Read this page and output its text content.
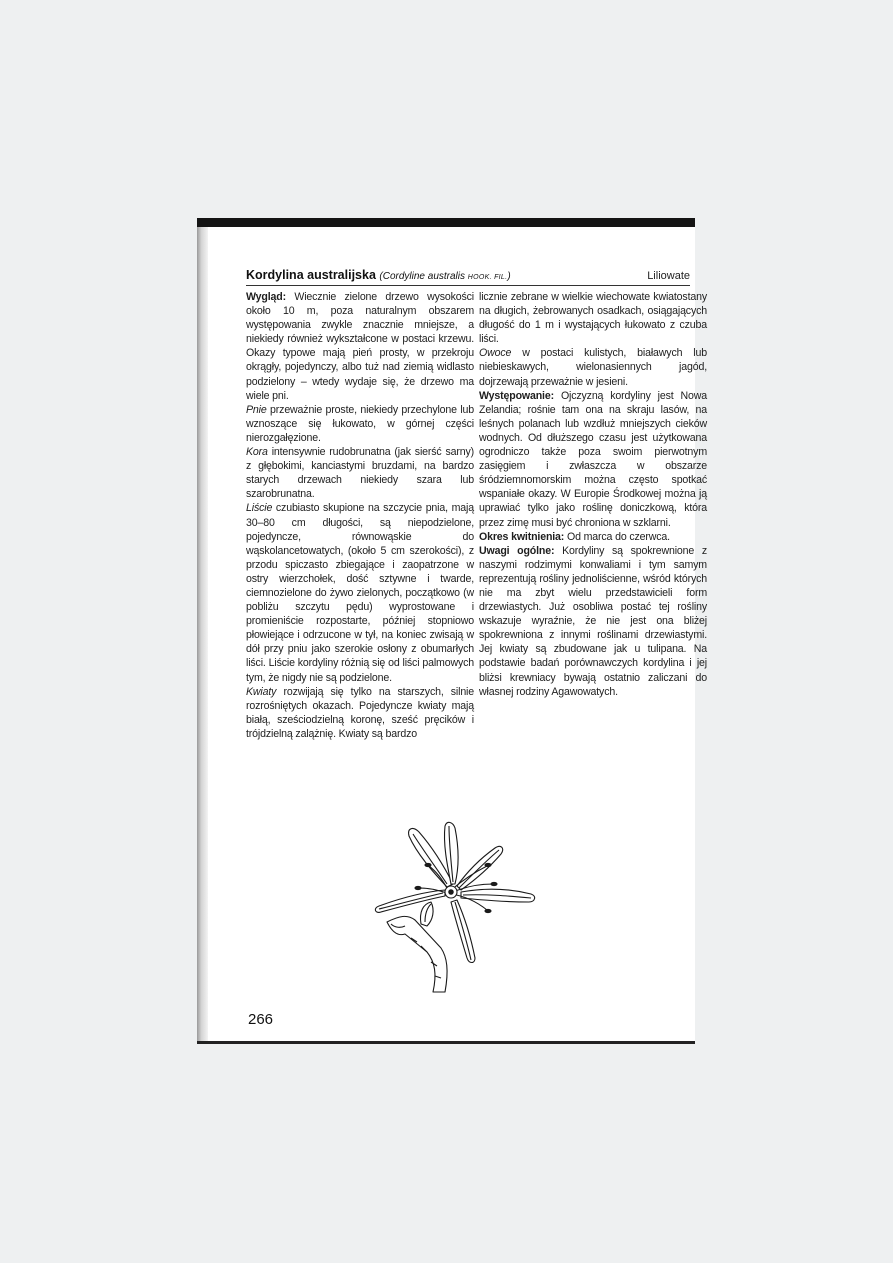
Kordylina australijska (Cordyline australis HOOK. FIL.)	Liliowate

Wygląd: Wiecznie zielone drzewo wysokości około 10 m, poza naturalnym obszarem występowania zwykle znacznie mniejsze, a niekiedy również wykształcone w postaci krzewu. Okazy typowe mają pień prosty, w przekroju okrągły, pojedynczy, albo tuż nad ziemią widlasto podzielony – wtedy wydaje się, że drzewo ma wiele pni.

Pnie przeważnie proste, niekiedy przechylone lub wznoszące się łukowato, w górnej części nierozgałęzione.

Kora intensywnie rudobrunatna (jak sierść sarny) z głębokimi, kanciastymi bruzdami, na bardzo starych drzewach niekiedy szara lub szarobrunatna.

Liście czubiasto skupione na szczycie pnia, mają 30–80 cm długości, są niepodzielone, pojedyncze, równowąskie do wąskolancetowatych, (około 5 cm szerokości), z przodu spiczasto zbiegające i zaopatrzone w ostry wierzchołek, dość sztywne i twarde, ciemnozielone do żywo zielonych, początkowo (w pobliżu szczytu pędu) wyprostowane i promieniście rozpostarte, później stopniowo płowiejące i odrzucone w tył, na koniec zwisają w dół przy pniu jako szerokie osłony z obumarłych liści. Liście kordyliny różnią się od liści palmowych tym, że nigdy nie są podzielone.

Kwiaty rozwijają się tylko na starszych, silnie rozrośniętych okazach. Pojedyncze kwiaty mają białą, sześciodzielną koronę, sześć pręcików i trójdzielną zalążnię. Kwiaty są bardzo

licznie zebrane w wielkie wiechowate kwiatostany na długich, żebrowanych osadkach, osiągających długość do 1 m i wystających łukowato z czuba liści.

Owoce w postaci kulistych, białawych lub niebieskawych, wielonasiennych jagód, dojrzewają przeważnie w jesieni.

Występowanie: Ojczyzną kordyliny jest Nowa Zelandia; rośnie tam ona na skraju lasów, na leśnych polanach lub wzdłuż mniejszych cieków wodnych. Od dłuższego czasu jest użytkowana ogrodniczo także poza swoim pierwotnym zasięgiem i zwłaszcza w obszarze śródziemnomorskim można często spotkać wspaniałe okazy. W Europie Środkowej można ją uprawiać tylko jako roślinę doniczkową, która przez zimę musi być chroniona w szklarni.

Okres kwitnienia: Od marca do czerwca.

Uwagi ogólne: Kordyliny są spokrewnione z naszymi rodzimymi konwaliami i tym samym reprezentują rośliny jednoliścienne, wśród których nie ma zbyt wielu przedstawicieli form drzewiastych. Już osobliwa postać tej rośliny wskazuje wyraźnie, że nie jest ona bliżej spokrewniona z innymi roślinami drzewiastymi. Jej kwiaty są zbudowane jak u tulipana. Na podstawie badań porównawczych kordylina i jej bliżsi krewniacy bywają ostatnio zaliczani do własnej rodziny Agawowatych.

266
